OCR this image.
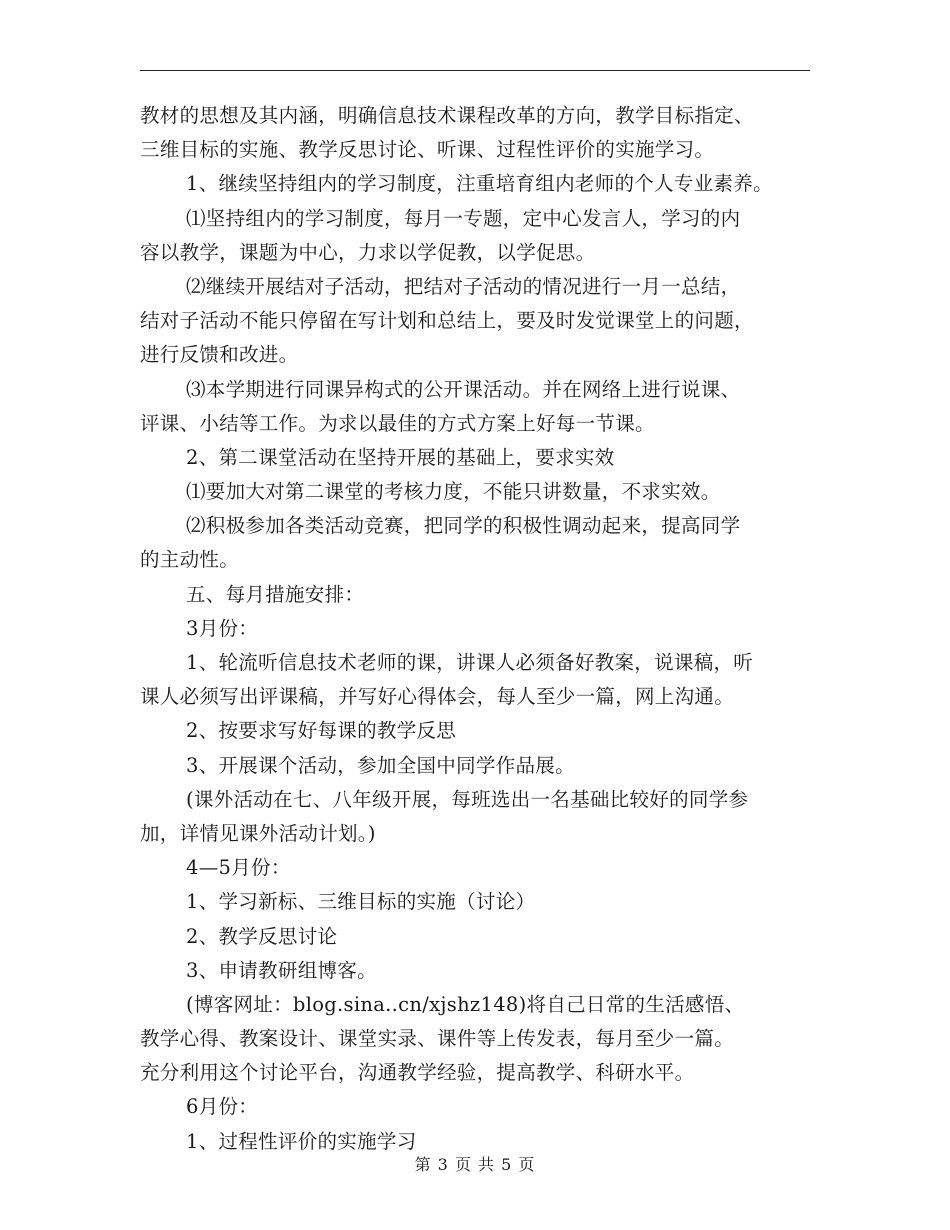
教材的思想及其内涵，明确信息技术课程改革的方向，教学目标指定、
三维目标的实施、教学反思讨论、听课、过程性评价的实施学习。
1、继续坚持组内的学习制度，注重培育组内老师的个人专业素养。
⑴坚持组内的学习制度，每月一专题，定中心发言人，学习的内
容以教学，课题为中心，力求以学促教，以学促思。
⑵继续开展结对子活动，把结对子活动的情况进行一月一总结，
结对子活动不能只停留在写计划和总结上，要及时发觉课堂上的问题，
进行反馈和改进。
⑶本学期进行同课异构式的公开课活动。并在网络上进行说课、
评课、小结等工作。为求以最佳的方式方案上好每一节课。
2、第二课堂活动在坚持开展的基础上，要求实效
⑴要加大对第二课堂的考核力度，不能只讲数量，不求实效。
⑵积极参加各类活动竞赛，把同学的积极性调动起来，提高同学
的主动性。
五、每月措施安排：
3月份：
1、轮流听信息技术老师的课，讲课人必须备好教案，说课稿，听
课人必须写出评课稿，并写好心得体会，每人至少一篇，网上沟通。
2、按要求写好每课的教学反思
3、开展课个活动，参加全国中同学作品展。
(课外活动在七、八年级开展，每班选出一名基础比较好的同学参
加，详情见课外活动计划。)
4—5月份：
1、学习新标、三维目标的实施（讨论）
2、教学反思讨论
3、申请教研组博客。
(博客网址：blog.sina..cn/xjshz148)将自己日常的生活感悟、
教学心得、教案设计、课堂实录、课件等上传发表，每月至少一篇。
充分利用这个讨论平台，沟通教学经验，提高教学、科研水平。
6月份：
1、过程性评价的实施学习
第 3 页 共 5 页
